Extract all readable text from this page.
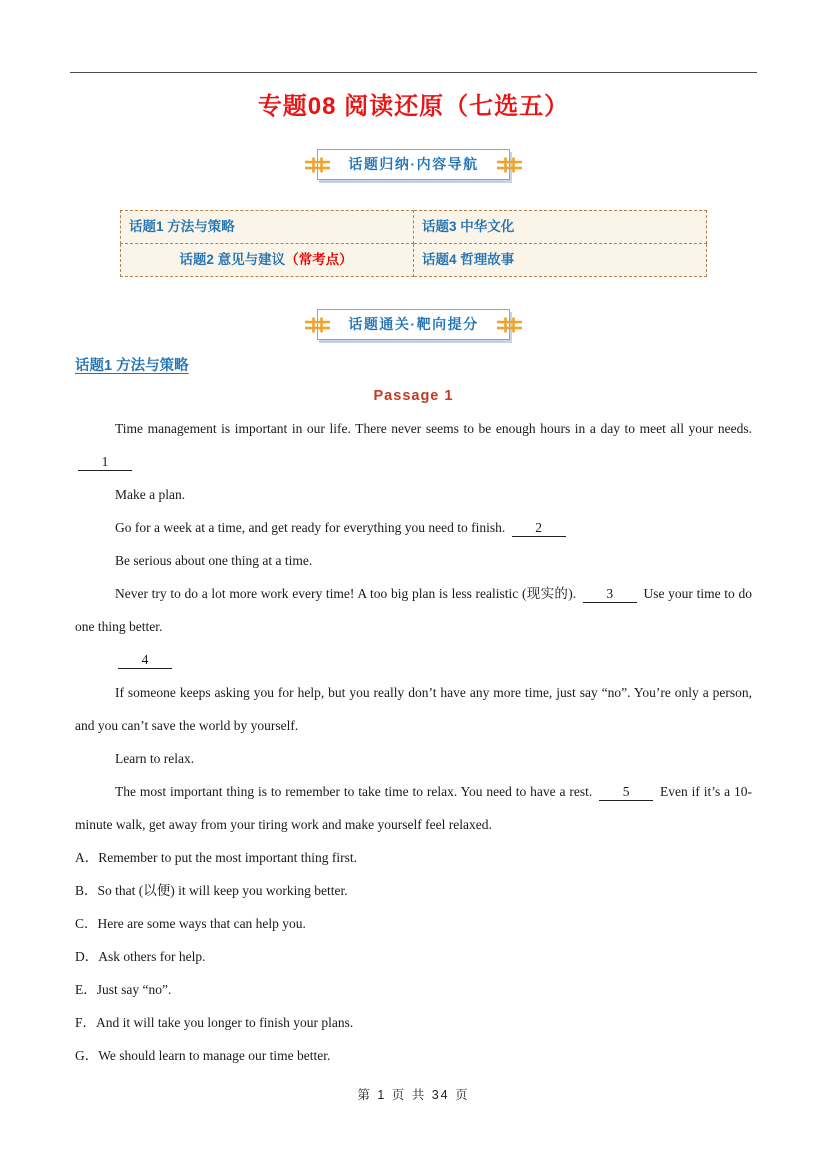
专题08 阅读还原（七选五）
话题归纳·内容导航
话题1 方法与策略	话题3 中华文化
话题2 意见与建议（常考点）	话题4 哲理故事
话题通关·靶向提分
话题1 方法与策略
Passage 1
Time management is important in our life. There never seems to be enough hours in a day to meet all your needs. 1
Make a plan.
Go for a week at a time, and get ready for everything you need to finish. 2
Be serious about one thing at a time.
Never try to do a lot more work every time! A too big plan is less realistic (现实的). 3 Use your time to do one thing better.
4
If someone keeps asking you for help, but you really don’t have any more time, just say “no”. You’re only a person, and you can’t save the world by yourself.
Learn to relax.
The most important thing is to remember to take time to relax. You need to have a rest. 5 Even if it’s a 10-minute walk, get away from your tiring work and make yourself feel relaxed.
A．Remember to put the most important thing first.
B．So that (以便) it will keep you working better.
C．Here are some ways that can help you.
D．Ask others for help.
E．Just say “no”.
F．And it will take you longer to finish your plans.
G．We should learn to manage our time better.
第 1 页 共 34 页
